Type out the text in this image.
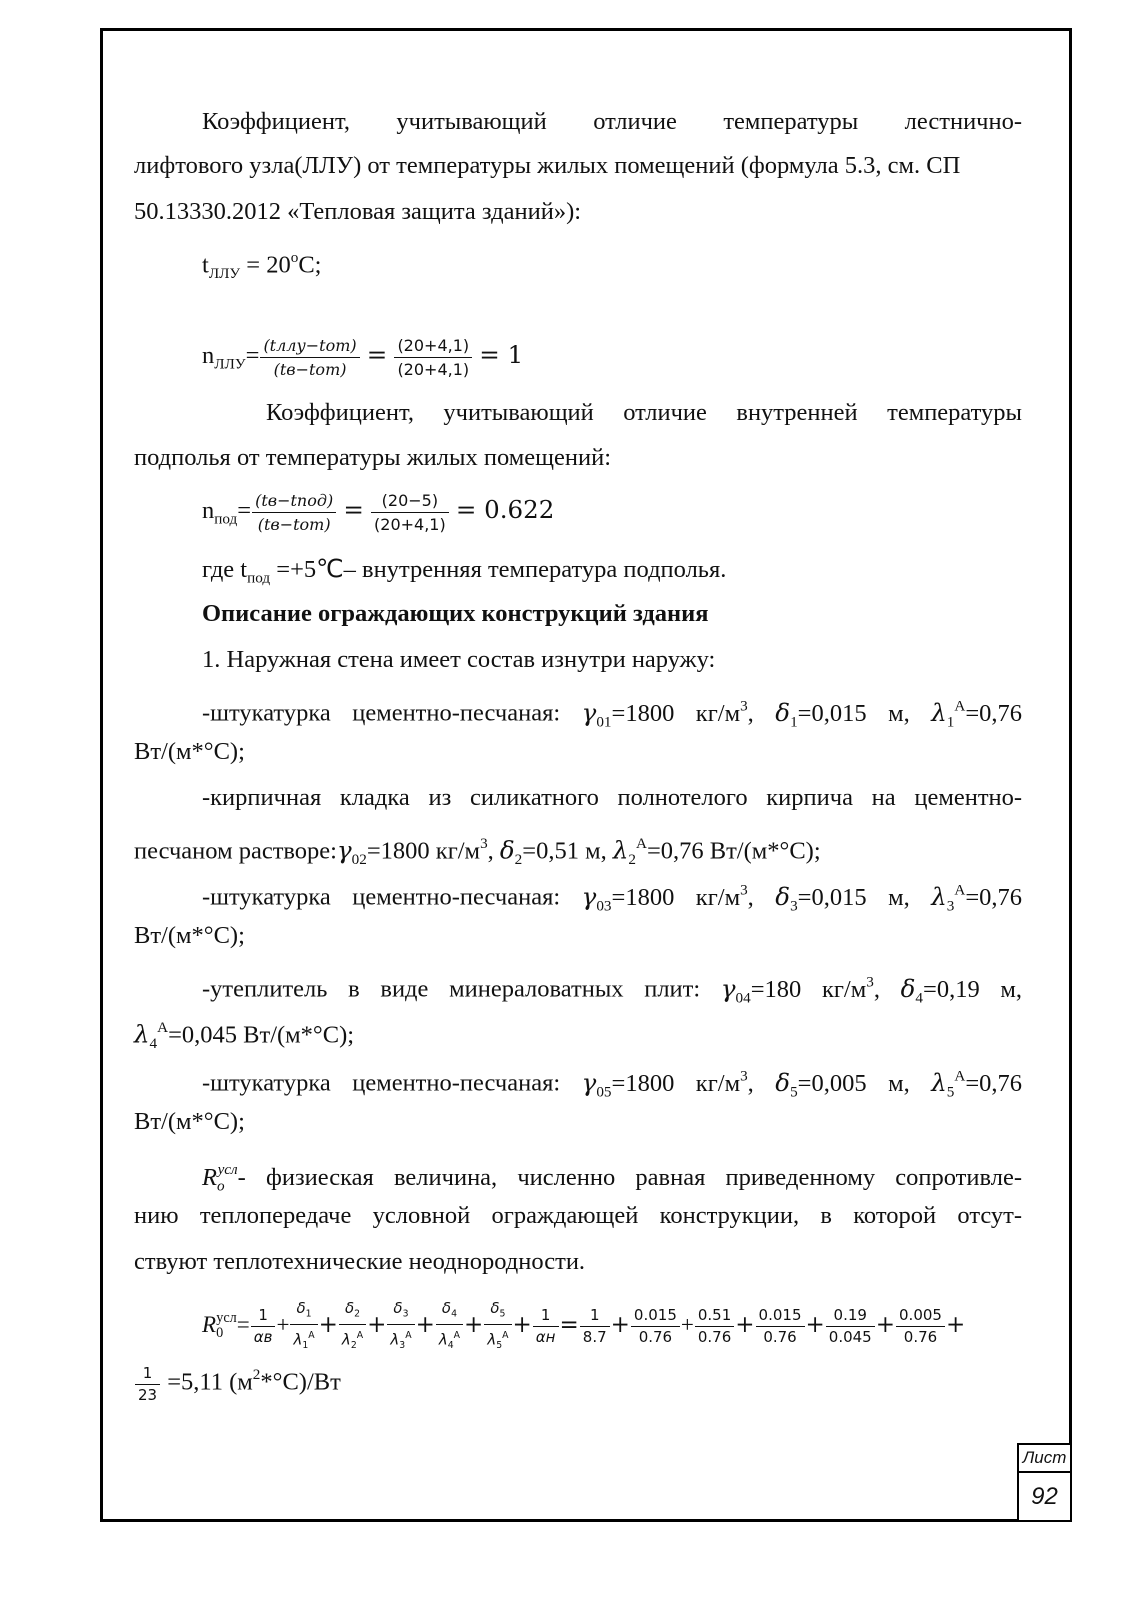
Коэффициент, учитывающий отличие температуры лестнично-
лифтового узла(ЛЛУ) от температуры жилых помещений (формула 5.3, см. СП
50.13330.2012 «Тепловая защита зданий»):
$t_{ЛЛУ} = 20^оС$;
$n_{ЛЛУ}=$ (tллу−tот)
(tв−tот)
= $\frac{(20+4,1)}{(20+4,1)} = 1$
Коэффициент, учитывающий отличие внутренней температуры
подполья от температуры жилых помещений:
$n_{под}=$ (tв−tпод)
(tв−tот)
= $\frac{(20-5)}{(20+4,1)} = 0.622$
где $t_{под}$ =+5℃– внутренняя температура подполья.
Описание ограждающих конструкций здания
1. Наружная стена имеет состав изнутри наружу:
-штукатурка цементно-песчаная: $\gamma_{01}=1800$ $кг/м^3$, $\delta_1=0,015$ м, $\lambda_1^А=0,76$
Вт/(м*°С);
-кирпичная кладка из силикатного полнотелого кирпича на цементно-
песчаном $растворе:\gamma_{02}=1800$ $кг/м^3$, $\delta_2=0,51$ м, $\lambda_2^А=0,76$ Вт/(м*°С);
-штукатурка цементно-песчаная: $\gamma_{03}=1800$ $кг/м^3$, $\delta_3=0,015$ м, $\lambda_3^А=0,76$
Вт/(м*°С);
-утеплитель в виде минераловатных плит: $\gamma_{04}=180$ $кг/м^3$, $\delta_4=0,19$ м,
$\lambda_4^А=0,045$ Вт/(м*°С);
-штукатурка цементно-песчаная: $\gamma_{05}=1800$ $кг/м^3$, $\delta_5=0,005$ м, $\lambda_5^А=0,76$
Вт/(м*°С);
$R_o^{усл}-$ физиеская величина, численно равная приведенному сопротивле-
нию теплопередаче условной ограждающей конструкции, в которой отсут-
ствуют теплотехнические неоднородности.
$R_0^{усл}= 1$
αв
+
$\delta_1$
$\lambda_1^А$ +
$\delta_2$
$\lambda_2^А$ +
$\delta_3$
$\lambda_3^А$ +
$\delta_4$
$\lambda_4^А$ +
$\delta_5$
$\lambda_5^А + 1$
$\alpha н = \frac{1}{8.7} + \frac{0.015}{0.76} + \frac{0.51}{0.76} + \frac{0.015}{0.76} + \frac{0.19}{0.045} + \frac{0.005}{0.76}$ +
$\frac{1}{23} =5,11$ $(м^2*^\circ С)/Вт$
Лист
92
